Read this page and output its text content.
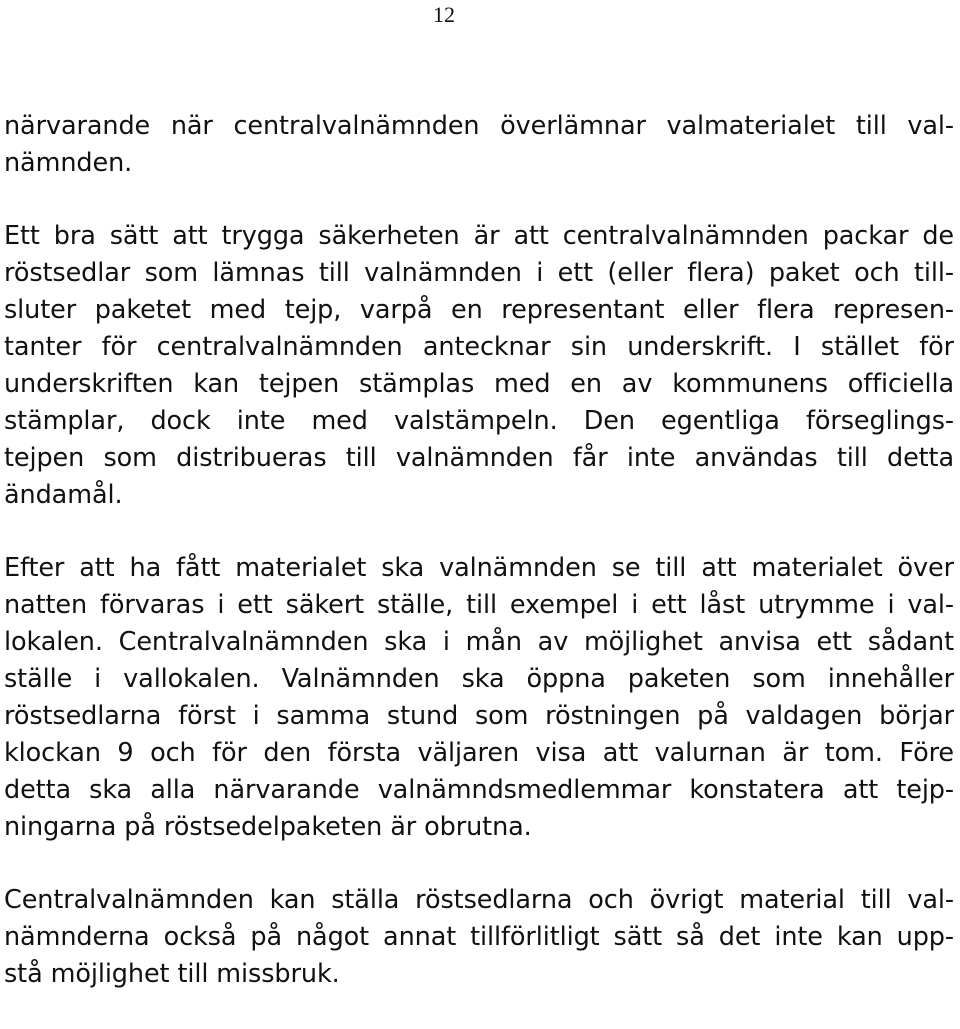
12

närvarande när centralvalnämnden överlämnar valmaterialet till val-
nämnden.

Ett bra sätt att trygga säkerheten är att centralvalnämnden packar de
röstsedlar som lämnas till valnämnden i ett (eller flera) paket och till-
sluter paketet med tejp, varpå en representant eller flera represen-
tanter för centralvalnämnden antecknar sin underskrift. I stället för
underskriften kan tejpen stämplas med en av kommunens officiella
stämplar, dock inte med valstämpeln. Den egentliga förseglings-
tejpen som distribueras till valnämnden får inte användas till detta
ändamål.

Efter att ha fått materialet ska valnämnden se till att materialet över
natten förvaras i ett säkert ställe, till exempel i ett låst utrymme i val-
lokalen. Centralvalnämnden ska i mån av möjlighet anvisa ett sådant
ställe i vallokalen. Valnämnden ska öppna paketen som innehåller
röstsedlarna först i samma stund som röstningen på valdagen börjar
klockan 9 och för den första väljaren visa att valurnan är tom. Före
detta ska alla närvarande valnämndsmedlemmar konstatera att tejp-
ningarna på röstsedelpaketen är obrutna.

Centralvalnämnden kan ställa röstsedlarna och övrigt material till val-
nämnderna också på något annat tillförlitligt sätt så det inte kan upp-
stå möjlighet till missbruk.
